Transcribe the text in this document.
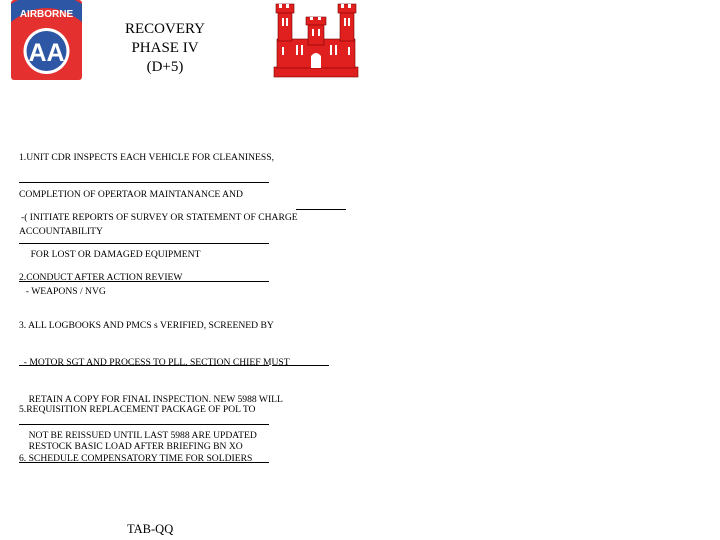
AIRBORNE
AA
RECOVERY
PHASE IV
(D+5)

1.UNIT CDR INSPECTS EACH VEHICLE FOR CLEANINESS,

COMPLETION OF OPERTAOR MAINTANANCE AND

ACCOUNTABILITY

-( INITIATE REPORTS OF SURVEY OR STATEMENT OF CHARGE

FOR LOST OR DAMAGED EQUIPMENT

- WEAPONS / NVG

2.CONDUCT AFTER ACTION REVIEW

3. ALL LOGBOOKS AND PMCS s VERIFIED, SCREENED BY

- MOTOR SGT AND PROCESS TO PLL. SECTION CHIEF MUST

RETAIN A COPY FOR FINAL INSPECTION. NEW 5988 WILL

NOT BE REISSUED UNTIL LAST 5988 ARE UPDATED

5.REQUISITION REPLACEMENT PACKAGE OF POL TO

RESTOCK BASIC LOAD AFTER BRIEFING BN XO

6. SCHEDULE COMPENSATORY TIME FOR SOLDIERS

TAB-QQ
